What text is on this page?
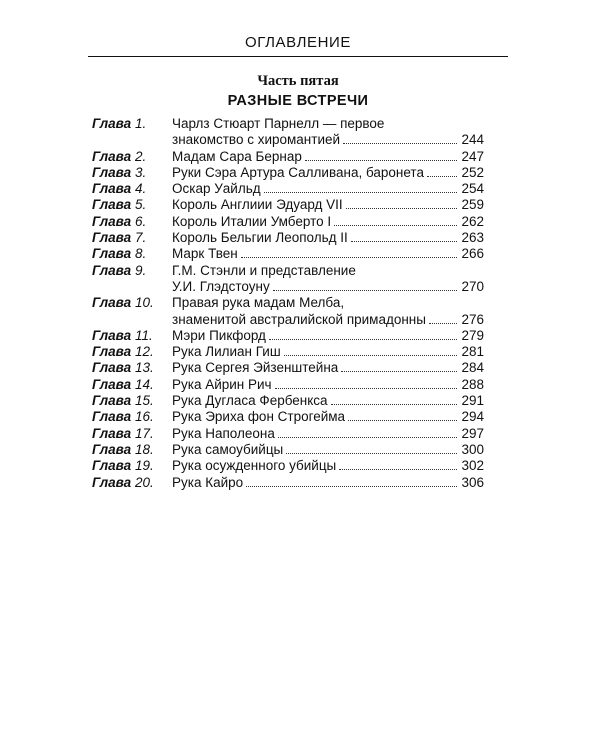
ОГЛАВЛЕНИЕ
Часть пятая
РАЗНЫЕ ВСТРЕЧИ
Глава 1.	Чарлз Стюарт Парнелл — первое
знакомство с хиромантией	244
Глава 2.	Мадам Сара Бернар	247
Глава 3.	Руки Сэра Артура Салливана, баронета	252
Глава 4.	Оскар Уайльд	254
Глава 5.	Король Англиии Эдуард VII	259
Глава 6.	Король Италии Умберто I	262
Глава 7.	Король Бельгии Леопольд II	263
Глава 8.	Марк Твен	266
Глава 9.	Г.М. Стэнли и представление
У.И. Глэдстоуну	270
Глава 10.	Правая рука мадам Мелба,
знаменитой австралийской примадонны	276
Глава 11.	Мэри Пикфорд	279
Глава 12.	Рука Лилиан Гиш	281
Глава 13.	Рука Сергея Эйзенштейна	284
Глава 14.	Рука Айрин Рич	288
Глава 15.	Рука Дугласа Фербенкса	291
Глава 16.	Рука Эриха фон Строгейма	294
Глава 17.	Рука Наполеона	297
Глава 18.	Рука самоубийцы	300
Глава 19.	Рука осужденного убийцы	302
Глава 20.	Рука Кайро	306
